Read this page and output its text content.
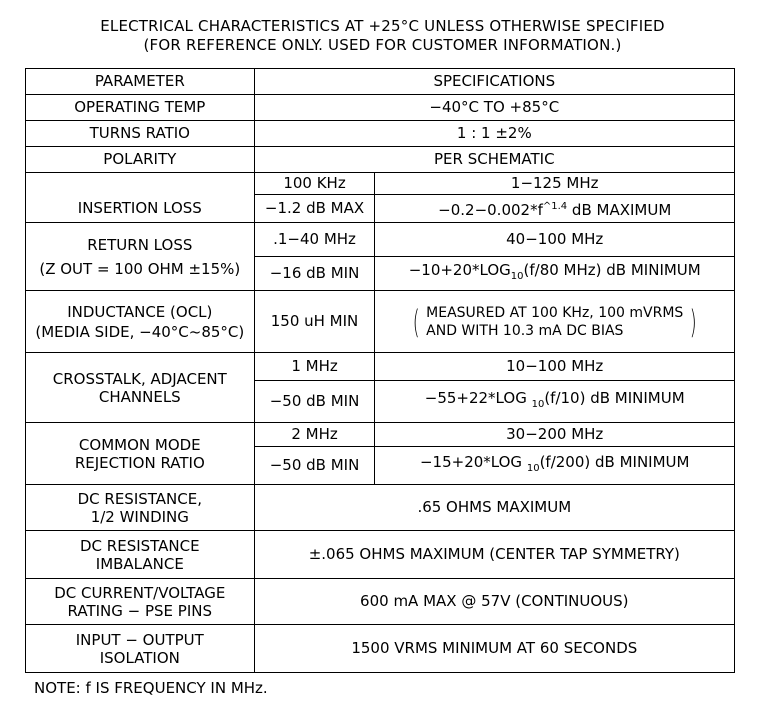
ELECTRICAL CHARACTERISTICS AT +25°C UNLESS OTHERWISE SPECIFIED
(FOR REFERENCE ONLY. USED FOR CUSTOMER INFORMATION.)
PARAMETER	SPECIFICATIONS	
OPERATING TEMP	−40°C TO +85°C	
TURNS RATIO	1 : 1 ±2%	
POLARITY	PER SCHEMATIC	
INSERTION LOSS	100 KHz	1−125 MHz
	−1.2 dB MAX	$-0.2-0.002*f^{\^{}1.4}$ dB MAXIMUM

RETURN LOSS
(Z OUT = 100 OHM ±15%)	.1−40 MHz	40−100 MHz
	−16 dB MIN	$-10+20*LOG_{10}(f/80$ MHz) dB MINIMUM

INDUCTANCE (OCL)
(MEDIA SIDE, −40°C~85°C)	150 uH MIN	( MEASURED AT 100 KHz, 100 mVRMS
AND WITH 10.3 mA DC BIAS )

CROSSTALK, ADJACENT
CHANNELS	1 MHz	10−100 MHz
	−50 dB MIN	−55+22*LOG $_{10}$(f/10) dB MINIMUM

COMMON MODE
REJECTION RATIO	2 MHz	30−200 MHz
	−50 dB MIN	−15+20*LOG $_{10}$(f/200) dB MINIMUM

DC RESISTANCE,
1/2 WINDING	.65 OHMS MAXIMUM	

DC RESISTANCE
IMBALANCE	±.065 OHMS MAXIMUM (CENTER TAP SYMMETRY)	

DC CURRENT/VOLTAGE
RATING − PSE PINS	600 mA MAX @ 57V (CONTINUOUS)	

INPUT − OUTPUT
ISOLATION	1500 VRMS MINIMUM AT 60 SECONDS	
NOTE: f IS FREQUENCY IN MHz.
